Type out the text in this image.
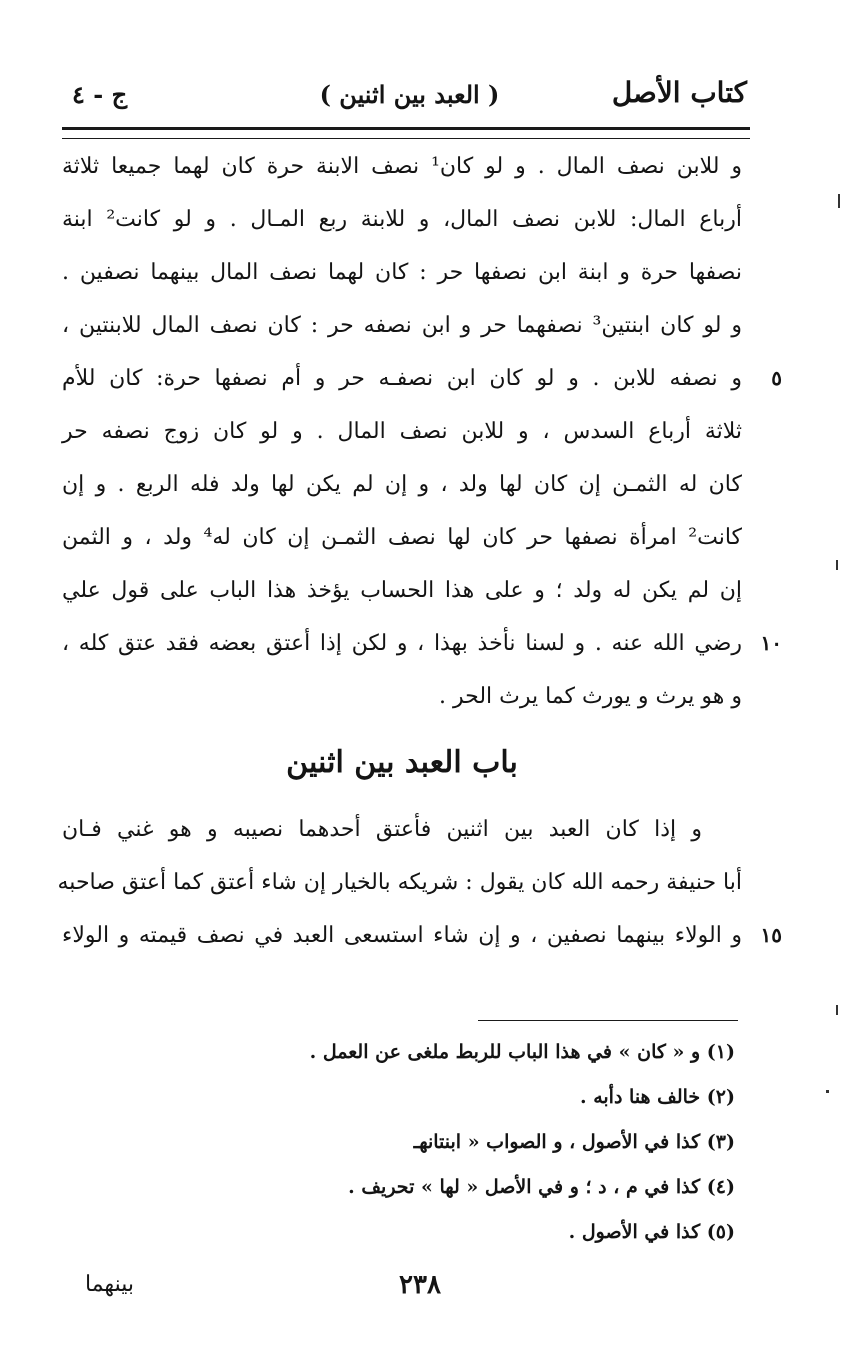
كتاب الأصل
( العبد بين اثنين )
ج - ٤
و للابن نصف المال . و لو كان¹ نصف الابنة حرة كان لهما جميعا ثلاثة
أرباع المال: للابن نصف المال، و للابنة ربع المـال . و لو كانت² ابنة
نصفها حرة و ابنة ابن نصفها حر : كان لهما نصف المال بينهما نصفين .
و لو كان ابنتين³ نصفهما حر و ابن نصفه حر : كان نصف المال للابنتين ،
٥
و نصفه للابن . و لو كان ابن نصفـه حر و أم نصفها حرة: كان للأم
ثلاثة أرباع السدس ، و للابن نصف المال . و لو كان زوج نصفه حر
كان له الثمـن إن كان لها ولد ، و إن لم يكن لها ولد فله الربع . و إن
كانت² امرأة نصفها حر كان لها نصف الثمـن إن كان له⁴ ولد ، و الثمن
إن لم يكن له ولد ؛ و على هذا الحساب يؤخذ هذا الباب على قول علي
١٠
رضي الله عنه . و لسنا نأخذ بهذا ، و لكن إذا أعتق بعضه فقد عتق كله ،
و هو يرث و يورث كما يرث الحر .
باب العبد بين اثنين
و إذا كان العبد بين اثنين فأعتق أحدهما نصيبه و هو غني فـان
أبا حنيفة رحمه الله كان يقول : شريكه بالخيار إن شاء أعتق كما أعتق صاحبه
١٥
و الولاء بينهما نصفين ، و إن شاء استسعى العبد في نصف قيمته و الولاء
(١) و « كان » في هذا الباب للربط ملغى عن العمل .
(٢) خالف هنا دأبه .
(٣) كذا في الأصول ، و الصواب « ابنتانهـ
(٤) كذا في م ، د ؛ و في الأصل « لها » تحريف .
(٥) كذا في الأصول .
٢٣٨
بينهما
